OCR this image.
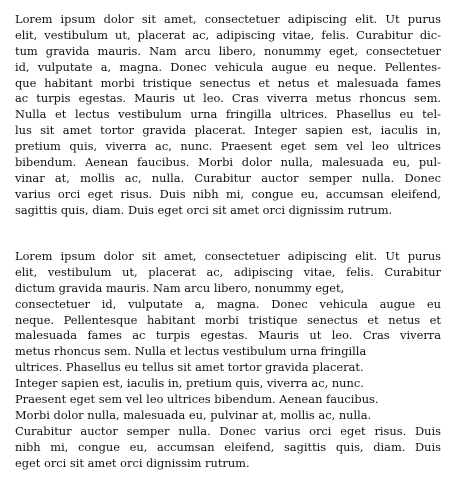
Lorem ipsum dolor sit amet, consectetuer adipiscing elit. Ut purus
elit, vestibulum ut, placerat ac, adipiscing vitae, felis. Curabitur dic-
tum gravida mauris. Nam arcu libero, nonummy eget, consectetuer
id, vulputate a, magna. Donec vehicula augue eu neque. Pellentes-
que habitant morbi tristique senectus et netus et malesuada fames
ac turpis egestas. Mauris ut leo. Cras viverra metus rhoncus sem.
Nulla et lectus vestibulum urna fringilla ultrices. Phasellus eu tel-
lus sit amet tortor gravida placerat. Integer sapien est, iaculis in,
pretium quis, viverra ac, nunc. Praesent eget sem vel leo ultrices
bibendum. Aenean faucibus. Morbi dolor nulla, malesuada eu, pul-
vinar at, mollis ac, nulla. Curabitur auctor semper nulla. Donec
varius orci eget risus. Duis nibh mi, congue eu, accumsan eleifend,
sagittis quis, diam. Duis eget orci sit amet orci dignissim rutrum.
Lorem ipsum dolor sit amet, consectetuer adipiscing elit. Ut purus
elit, vestibulum ut, placerat ac, adipiscing vitae, felis. Curabitur
dictum gravida mauris. Nam arcu libero, nonummy eget,
consectetuer id, vulputate a, magna. Donec vehicula augue eu
neque. Pellentesque habitant morbi tristique senectus et netus et
malesuada fames ac turpis egestas. Mauris ut leo. Cras viverra
metus rhoncus sem. Nulla et lectus vestibulum urna fringilla
ultrices. Phasellus eu tellus sit amet tortor gravida placerat.
Integer sapien est, iaculis in, pretium quis, viverra ac, nunc.
Praesent eget sem vel leo ultrices bibendum. Aenean faucibus.
Morbi dolor nulla, malesuada eu, pulvinar at, mollis ac, nulla.
Curabitur auctor semper nulla. Donec varius orci eget risus. Duis
nibh mi, congue eu, accumsan eleifend, sagittis quis, diam. Duis
eget orci sit amet orci dignissim rutrum.
